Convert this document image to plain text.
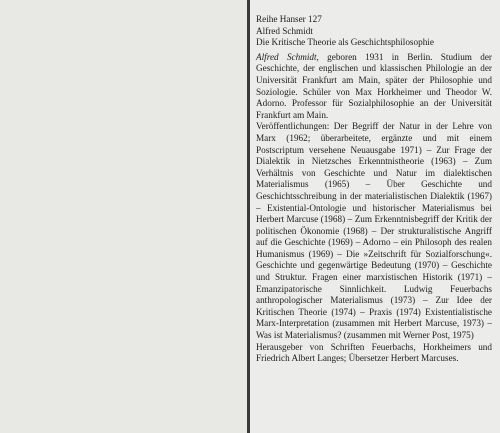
Reihe Hanser 127
Alfred Schmidt
Die Kritische Theorie als Geschichtsphilosophie

Alfred Schmidt, geboren 1931 in Berlin. Studium der Geschichte, der englischen und klassischen Philologie an der Universität Frankfurt am Main, später der Philosophie und Soziologie. Schüler von Max Horkheimer und Theodor W. Adorno. Professor für Sozialphilosophie an der Universität Frankfurt am Main.

Veröffentlichungen: Der Begriff der Natur in der Lehre von Marx (1962; überarbeitete, ergänzte und mit einem Postscriptum versehene Neuausgabe 1971) – Zur Frage der Dialektik in Nietzsches Erkenntnistheorie (1963) – Zum Verhältnis von Geschichte und Natur im dialektischen Materialismus (1965) – Über Geschichte und Geschichtsschreibung in der materialistischen Dialektik (1967) – Existential-Ontologie und historischer Materialismus bei Herbert Marcuse (1968) – Zum Erkenntnisbegriff der Kritik der politischen Ökonomie (1968) – Der strukturalistische Angriff auf die Geschichte (1969) – Adorno – ein Philosoph des realen Humanismus (1969) – Die »Zeitschrift für Sozialforschung«. Geschichte und gegenwärtige Bedeutung (1970) – Geschichte und Struktur. Fragen einer marxistischen Historik (1971) – Emanzipatorische Sinnlichkeit. Ludwig Feuerbachs anthropologischer Materialismus (1973) – Zur Idee der Kritischen Theorie (1974) – Praxis (1974) Existentialistische Marx-Interpretation (zusammen mit Herbert Marcuse, 1973) – Was ist Materialismus? (zusammen mit Werner Post, 1975)

Herausgeber von Schriften Feuerbachs, Horkheimers und Friedrich Albert Langes; Übersetzer Herbert Marcuses.
